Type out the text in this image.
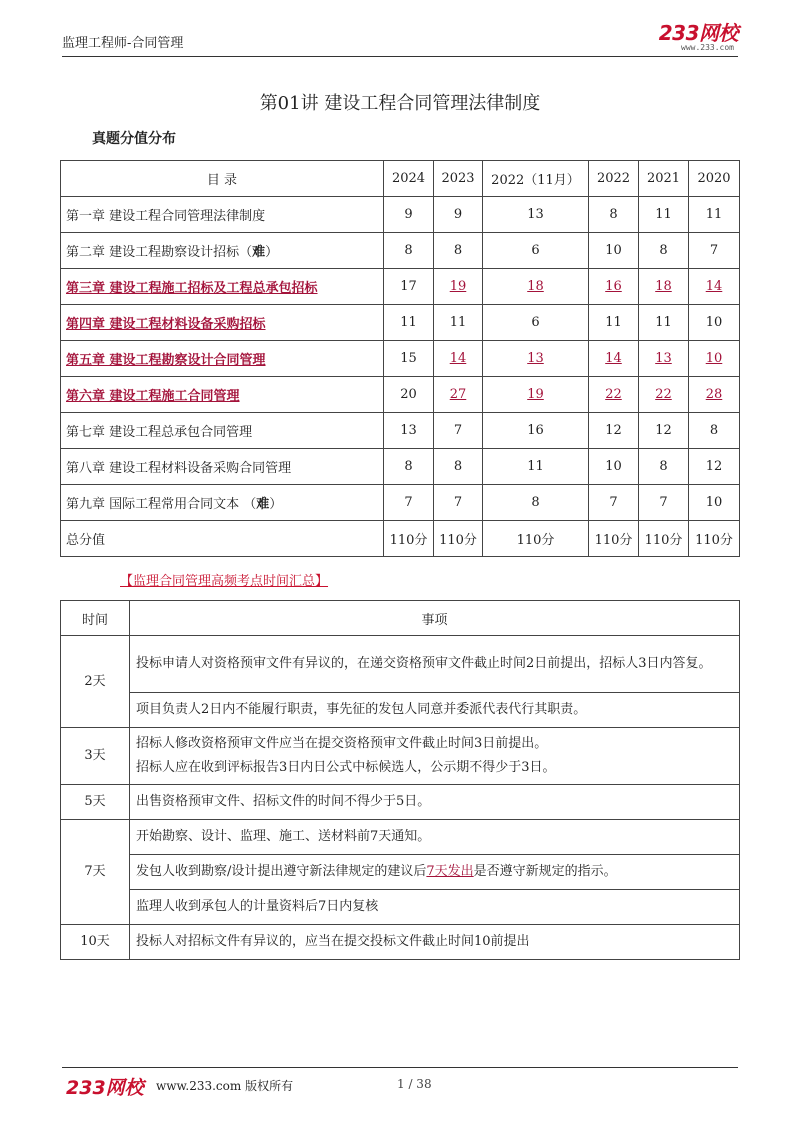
监理工程师-合同管理	233网校
www.233.com
第01讲 建设工程合同管理法律制度
真题分值分布
目 录	2024	2023	2022（11月）	2022	2021	2020
第一章 建设工程合同管理法律制度	9	9	13	8	11	11
第二章 建设工程勘察设计招标（难）	8	8	6	10	8	7
第三章 建设工程施工招标及工程总承包招标	17	19	18	16	18	14
第四章 建设工程材料设备采购招标	11	11	6	11	11	10
第五章 建设工程勘察设计合同管理	15	14	13	14	13	10
第六章 建设工程施工合同管理	20	27	19	22	22	28
第七章 建设工程总承包合同管理	13	7	16	12	12	8
第八章 建设工程材料设备采购合同管理	8	8	11	10	8	12
第九章 国际工程常用合同文本 （难）	7	7	8	7	7	10
总分值	110分	110分	110分	110分	110分	110分
【监理合同管理高频考点时间汇总】
时间	事项
2天	投标申请人对资格预审文件有异议的，在递交资格预审文件截止时间2日前提出，招标人3日内答复。
	项目负责人2日内不能履行职责，事先征的发包人同意并委派代表代行其职责。
3天	招标人修改资格预审文件应当在提交资格预审文件截止时间3日前提出。
招标人应在收到评标报告3日内日公式中标候选人，公示期不得少于3日。

5天	出售资格预审文件、招标文件的时间不得少于5日。
7天	开始勘察、设计、监理、施工、送材料前7天通知。
	发包人收到勘察/设计提出遵守新法律规定的建议后7天发出是否遵守新规定的指示。
	监理人收到承包人的计量资料后7日内复核
10天	投标人对招标文件有异议的，应当在提交投标文件截止时间10前提出
233网校 www.233.com 版权所有	1 / 38
